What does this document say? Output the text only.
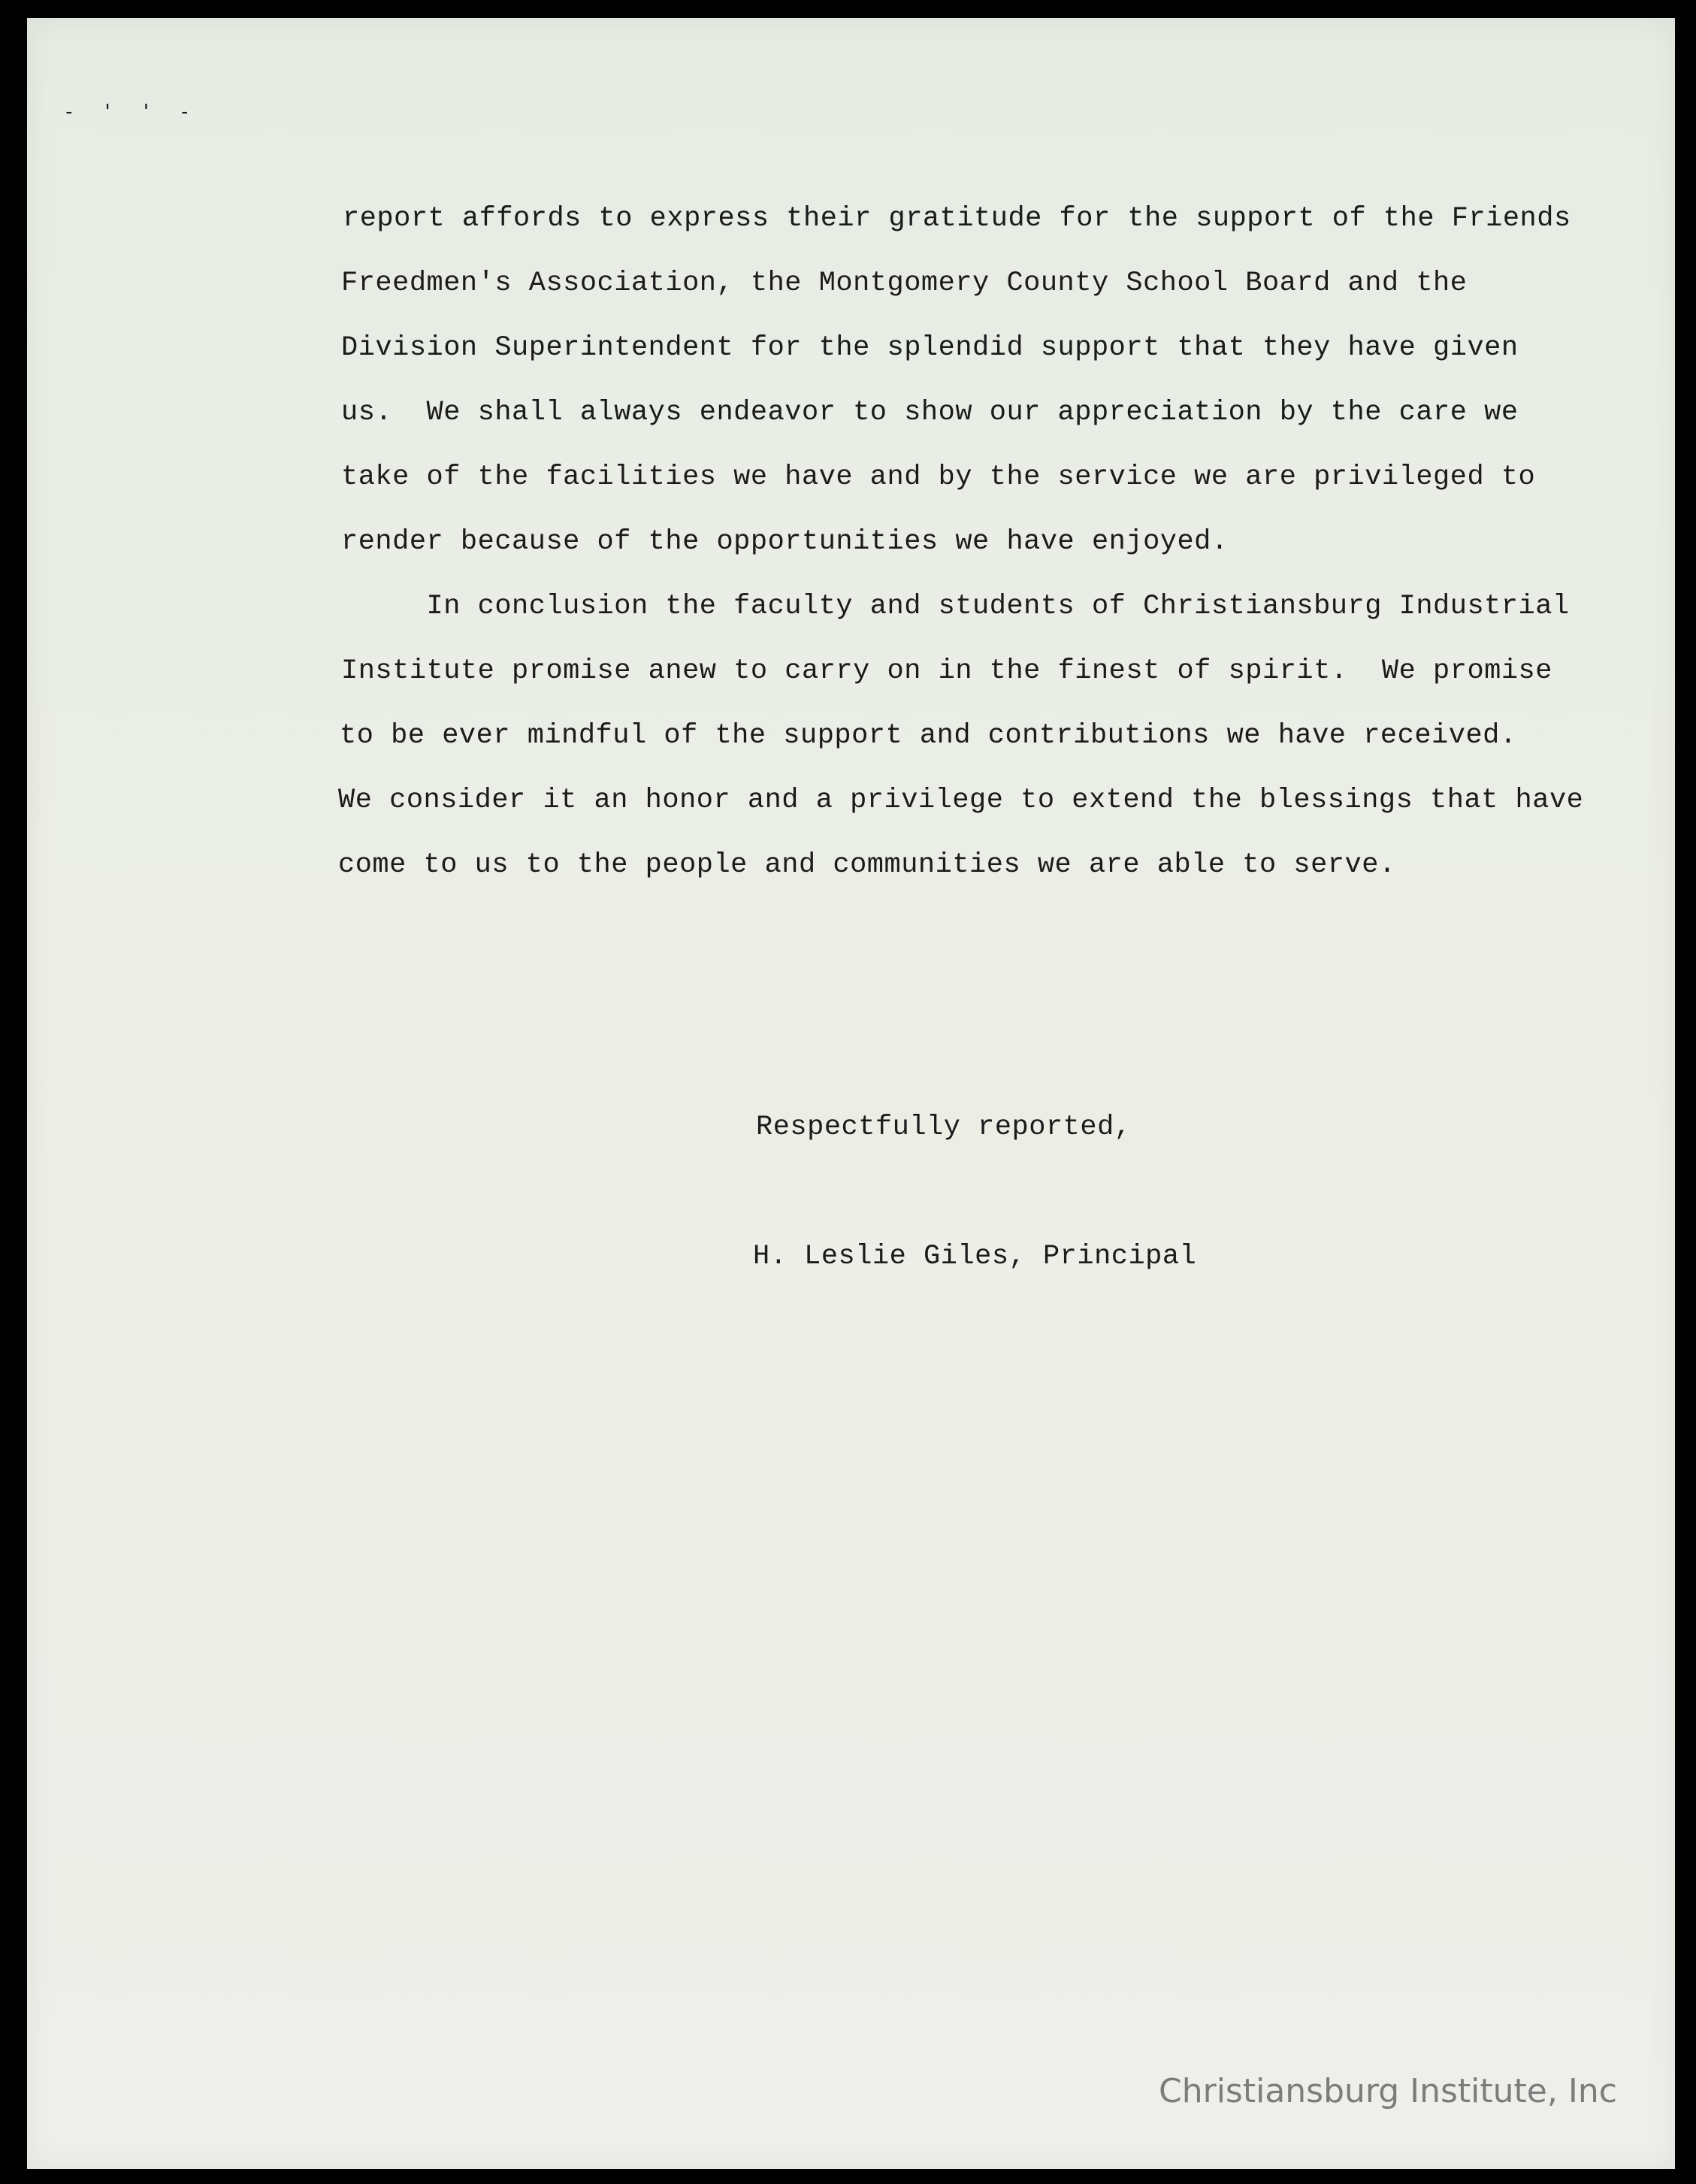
- ' ' -
report affords to express their gratitude for the support of the Friends
Freedmen's Association, the Montgomery County School Board and the
Division Superintendent for the splendid support that they have given
us.  We shall always endeavor to show our appreciation by the care we
take of the facilities we have and by the service we are privileged to
render because of the opportunities we have enjoyed.
In conclusion the faculty and students of Christiansburg Industrial
Institute promise anew to carry on in the finest of spirit.  We promise
to be ever mindful of the support and contributions we have received.
We consider it an honor and a privilege to extend the blessings that have
come to us to the people and communities we are able to serve.
Respectfully reported,
H. Leslie Giles, Principal
Christiansburg Institute, Inc
